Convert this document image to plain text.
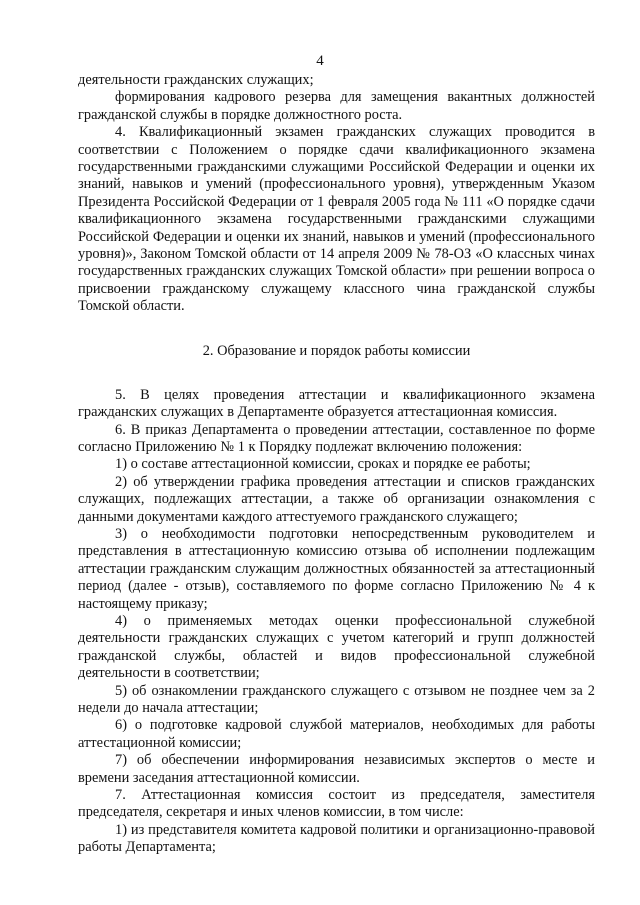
4

деятельности гражданских служащих;

формирования кадрового резерва для замещения вакантных должностей гражданской службы в порядке должностного роста.

4. Квалификационный экзамен гражданских служащих проводится в соответствии с Положением о порядке сдачи квалификационного экзамена государственными гражданскими служащими Российской Федерации и оценки их знаний, навыков и умений (профессионального уровня), утвержденным Указом Президента Российской Федерации от 1 февраля 2005 года № 111 «О порядке сдачи квалификационного экзамена государственными гражданскими служащими Российской Федерации и оценки их знаний, навыков и умений (профессионального уровня)», Законом Томской области от 14 апреля 2009 № 78-ОЗ «О классных чинах государственных гражданских служащих Томской области» при решении вопроса о присвоении гражданскому служащему классного чина гражданской службы Томской области.

2. Образование и порядок работы комиссии

5. В целях проведения аттестации и квалификационного экзамена гражданских служащих в Департаменте образуется аттестационная комиссия.

6. В приказ Департамента о проведении аттестации, составленное по форме согласно Приложению № 1 к Порядку подлежат включению положения:

1) о составе аттестационной комиссии, сроках и порядке ее работы;

2) об утверждении графика проведения аттестации и списков гражданских служащих, подлежащих аттестации, а также об организации ознакомления с данными документами каждого аттестуемого гражданского служащего;

3) о необходимости подготовки непосредственным руководителем и представления в аттестационную комиссию отзыва об исполнении подлежащим аттестации гражданским служащим должностных обязанностей за аттестационный период (далее - отзыв), составляемого по форме согласно Приложению № 4 к настоящему приказу;

4) о применяемых методах оценки профессиональной служебной деятельности гражданских служащих с учетом категорий и групп должностей гражданской службы, областей и видов профессиональной служебной деятельности в соответствии;

5) об ознакомлении гражданского служащего с отзывом не позднее чем за 2 недели до начала аттестации;

6) о подготовке кадровой службой материалов, необходимых для работы аттестационной комиссии;

7) об обеспечении информирования независимых экспертов о месте и времени заседания аттестационной комиссии.

7. Аттестационная комиссия состоит из председателя, заместителя председателя, секретаря и иных членов комиссии, в том числе:

1) из представителя комитета кадровой политики и организационно-правовой работы Департамента;
